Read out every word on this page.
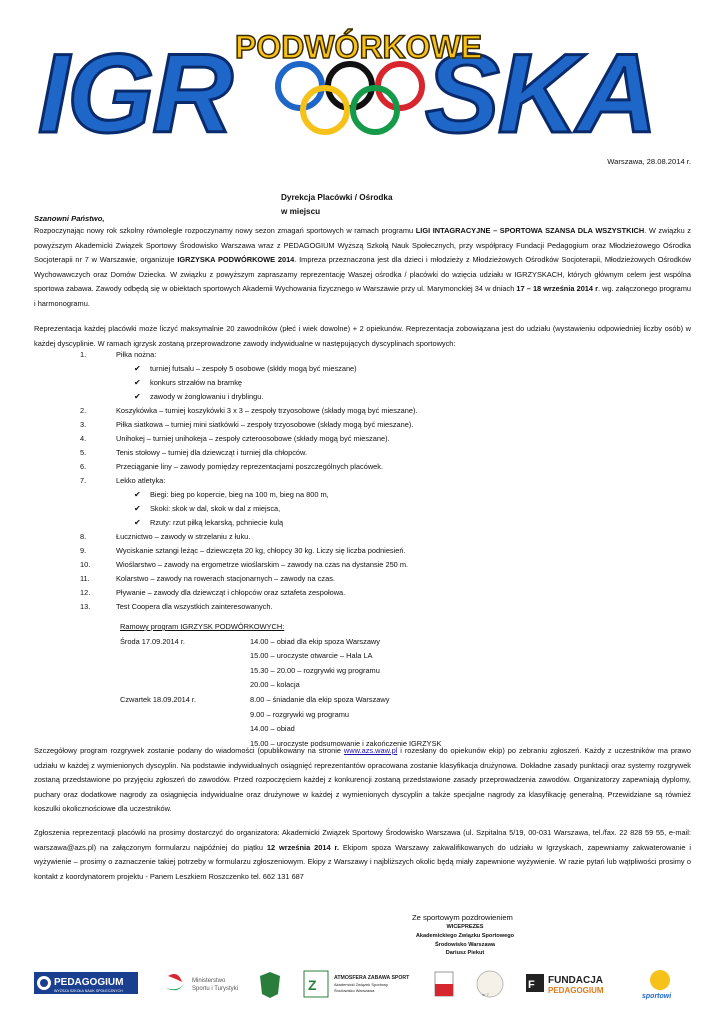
IGR SKA
PODWÓRKOWE
Warszawa, 28.08.2014 r.
Dyrekcja Placówki / Ośrodka
w miejscu
Szanowni Państwo,
Rozpoczynając nowy rok szkolny równolegle rozpoczynamy nowy sezon zmagań sportowych w ramach programu LIGI INTAGRACYJNE – SPORTOWA SZANSA DLA WSZYSTKICH. W związku z powyższym Akademicki Związek Sportowy Środowisko Warszawa wraz z PEDAGOGIUM Wyższą Szkołą Nauk Społecznych, przy współpracy Fundacji Pedagogium oraz Młodzieżowego Ośrodka Socjoterapii nr 7 w Warszawie, organizuje IGRZYSKA PODWÓRKOWE 2014. Impreza przeznaczona jest dla dzieci i młodzieży z Młodzieżowych Ośrodków Socjoterapii, Młodzieżowych Ośrodków Wychowawczych oraz Domów Dziecka. W związku z powyższym zapraszamy reprezentację Waszej ośrodka / placówki do wzięcia udziału w IGRZYSKACH, których głównym celem jest wspólna sportowa zabawa. Zawody odbędą się w obiektach sportowych Akademii Wychowania fizycznego w Warszawie przy ul. Marymonckiej 34 w dniach 17 – 18 września 2014 r. wg. załączonego programu i harmonogramu.
Reprezentacja każdej placówki może liczyć maksymalnie 20 zawodników (płeć i wiek dowolne) + 2 opiekunów. Reprezentacja zobowiązana jest do udziału (wystawieniu odpowiedniej liczby osób) w każdej dyscyplinie. W ramach igrzysk zostaną przeprowadzone zawody indywidualne w następujących dyscyplinach sportowych:
1.	Piłka nożna:
✔ turniej futsalu – zespoły 5 osobowe (skłdy mogą być mieszane)
✔ konkurs strzałów na bramkę
✔ zawody w żonglowaniu i dryblingu.
2.	Koszykówka – turniej koszykówki 3 x 3 – zespoły trzyosobowe (składy mogą być mieszane).
3.	Piłka siatkowa – turniej mini siatkówki – zespoły trzyosobowe (składy mogą być mieszane).
4.	Unihokej – turniej unihokeja – zespoły czteroosobowe (składy mogą być mieszane).
5.	Tenis stołowy – turniej dla dziewcząt i turniej dla chłopców.
6.	Przeciąganie liny – zawody pomiędzy reprezentacjami poszczególnych placówek.
7.	Lekko atletyka:
✔ Biegi: bieg po kopercie, bieg na 100 m, bieg na 800 m,
✔ Skoki: skok w dal, skok w dal z miejsca,
✔ Rzuty: rzut piłką lekarską, pchniecie kulą
8.	Łucznictwo – zawody w strzelaniu z łuku.
9.	Wyciskanie sztangi leżąc – dziewczęta 20 kg, chłopcy 30 kg. Liczy się liczba podniesień.
10.	Wioślarstwo – zawody na ergometrze wioślarskim – zawody na czas na dystansie 250 m.
11.	Kolarstwo – zawody na rowerach stacjonarnych – zawody na czas.
12.	Pływanie – zawody dla dziewcząt i chłopców oraz sztafeta zespołowa.
13.	Test Coopera dla wszystkich zainteresowanych.
Ramowy program IGRZYSK PODWÓRKOWYCH:
Środa 17.09.2014 r.	14.00 – obiad dla ekip spoza Warszawy
15.00 – uroczyste otwarcie – Hala LA
15.30 – 20.00 – rozgrywki wg programu
20.00 – kolacja
Czwartek 18.09.2014 r.	8.00 – śniadanie dla ekip spoza Warszawy
9.00 – rozgrywki wg programu
14.00 – obiad
15.00 – uroczyste podsumowanie i zakończenie IGRZYSK
Szczegółowy program rozgrywek zostanie podany do wiadomości (opublikowany na stronie www.azs.waw.pl i rozesłany do opiekunów ekip) po zebraniu zgłoszeń. Każdy z uczestników ma prawo udziału w każdej z wymienionych dyscyplin. Na podstawie indywidualnych osiągnięć reprezentantów opracowana zostanie klasyfikacja drużynowa. Dokładne zasady punktacji oraz systemy rozgrywek zostaną przedstawione po przyjęciu zgłoszeń do zawodów. Przed rozpoczęciem każdej z konkurencji zostaną przedstawione zasady przeprowadzenia zawodów. Organizatorzy zapewniają dyplomy, puchary oraz dodatkowe nagrody za osiągnięcia indywidualne oraz drużynowe w każdej z wymienionych dyscyplin a także specjalne nagrody za klasyfikację generalną. Przewidziane są również koszulki okolicznościowe dla uczestników.
Zgłoszenia reprezentacji placówki na prosimy dostarczyć do organizatora: Akademicki Związek Sportowy Środowisko Warszawa (ul. Szpitalna 5/19, 00-031 Warszawa, tel./fax. 22 828 59 55, e-mail: warszawa@azs.pl) na załączonym formularzu najpóźniej do piątku 12 września 2014 r. Ekipom spoza Warszawy zakwalifikowanych do udziału w Igrzyskach, zapewniamy zakwaterowanie i wyżywienie – prosimy o zaznaczenie takiej potrzeby w formularzu zgłoszeniowym. Ekipy z Warszawy i najbliższych okolic będą miały zapewnione wyżywienie. W razie pytań lub wątpliwości prosimy o kontakt z koordynatorem projektu - Panem Leszkiem Roszczenko tel. 662 131 687
Ze sportowym pozdrowieniem
WICEPREZES
Akademickiego Związku Sportowego
Środowisko Warszawa
Dariusz Piekut
PEDAGOGIUM
WYŻSZA SZKOŁA NAUK SPOŁECZNYCH
Ministerstwo
Sportu i Turystyki	Z	ATMOSFERA ZABAWA SPORT
Akademicki Związek Sportowy
Środowisko Warszawa
nr 7
F FUNDACJA
PEDAGOGIUM
sportowi
